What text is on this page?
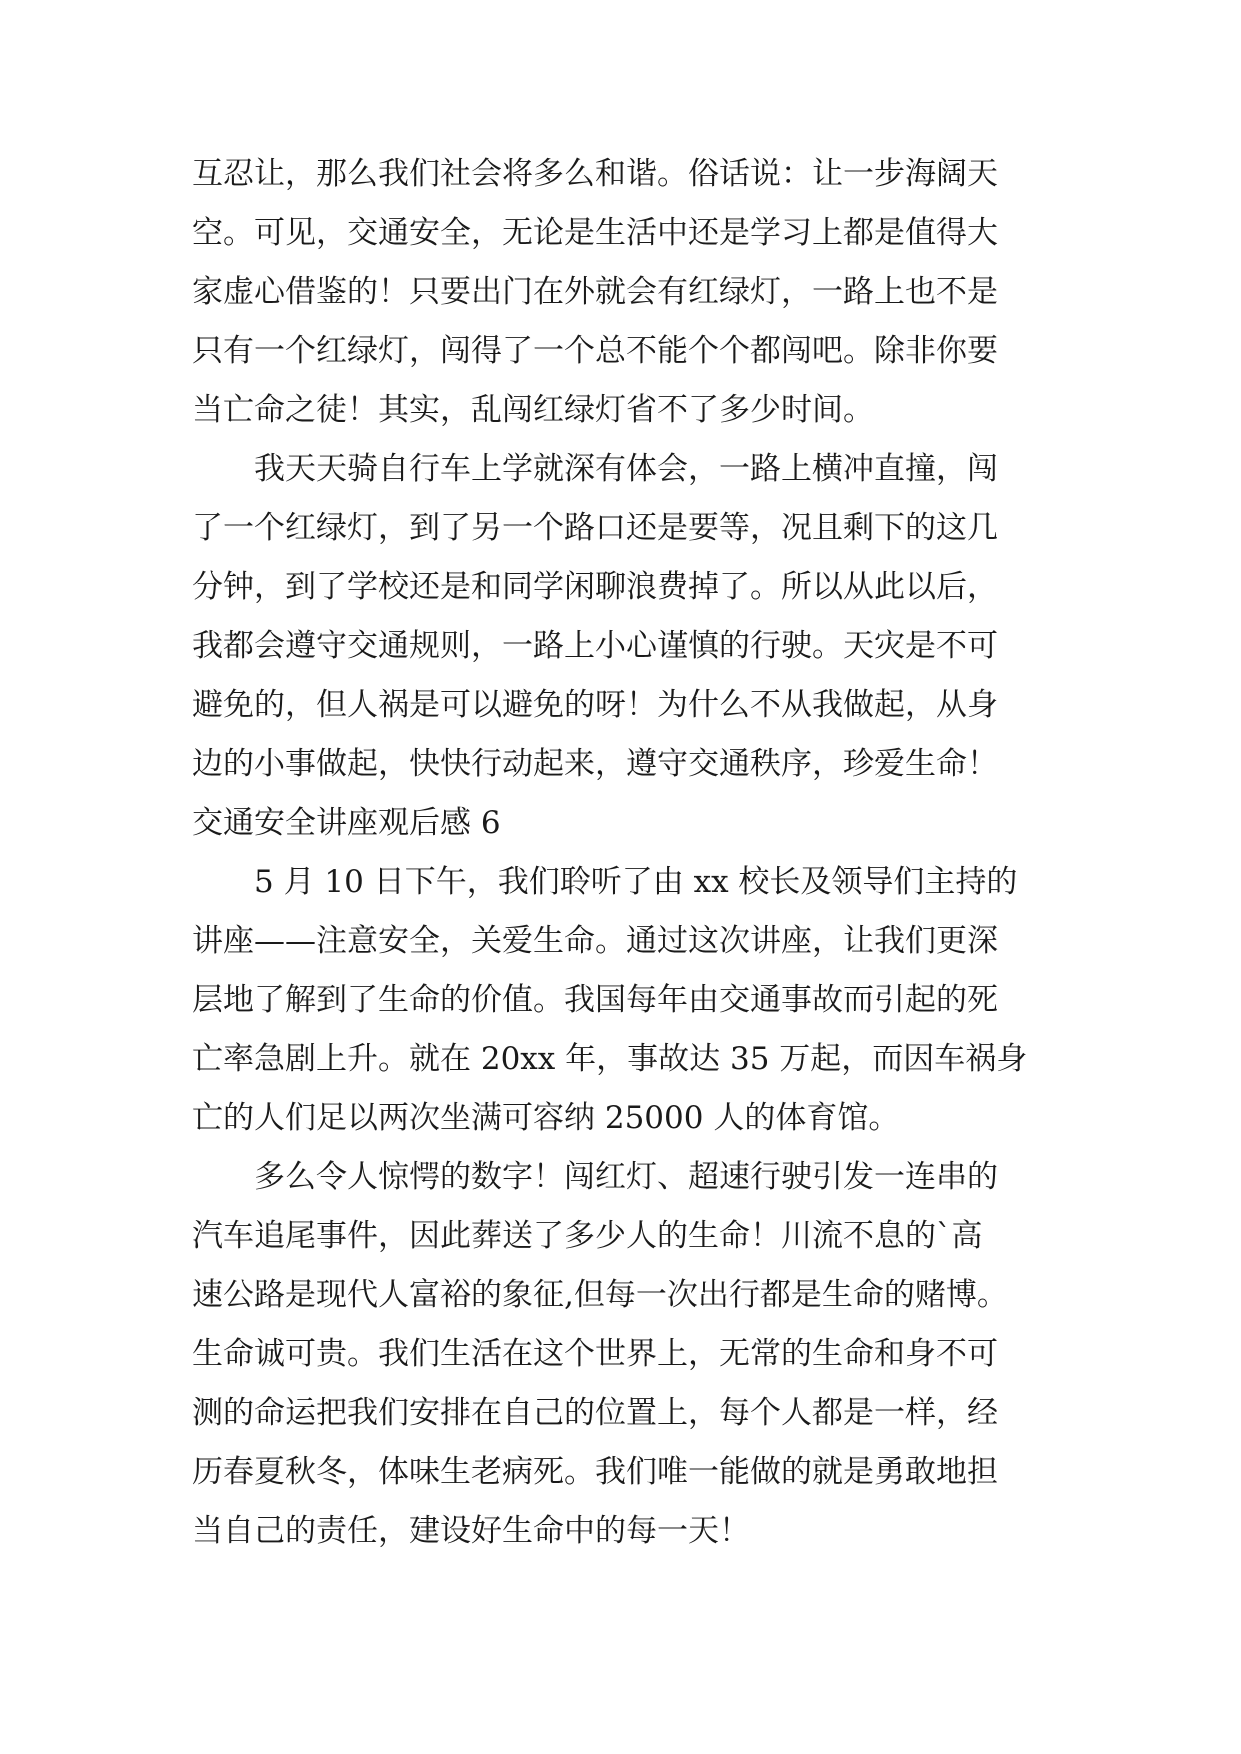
互忍让，那么我们社会将多么和谐。俗话说：让一步海阔天
空。可见，交通安全，无论是生活中还是学习上都是值得大
家虚心借鉴的！只要出门在外就会有红绿灯，一路上也不是
只有一个红绿灯，闯得了一个总不能个个都闯吧。除非你要
当亡命之徒！其实，乱闯红绿灯省不了多少时间。
我天天骑自行车上学就深有体会，一路上横冲直撞，闯
了一个红绿灯，到了另一个路口还是要等，况且剩下的这几
分钟，到了学校还是和同学闲聊浪费掉了。所以从此以后，
我都会遵守交通规则，一路上小心谨慎的行驶。天灾是不可
避免的，但人祸是可以避免的呀！为什么不从我做起，从身
边的小事做起，快快行动起来，遵守交通秩序，珍爱生命！
交通安全讲座观后感 6
5 月 10 日下午，我们聆听了由 xx 校长及领导们主持的
讲座——注意安全，关爱生命。通过这次讲座，让我们更深
层地了解到了生命的价值。我国每年由交通事故而引起的死
亡率急剧上升。就在 20xx 年，事故达 35 万起，而因车祸身
亡的人们足以两次坐满可容纳 25000 人的体育馆。
多么令人惊愕的数字！闯红灯、超速行驶引发一连串的
汽车追尾事件，因此葬送了多少人的生命！川流不息的`高
速公路是现代人富裕的象征,但每一次出行都是生命的赌博。
生命诚可贵。我们生活在这个世界上，无常的生命和身不可
测的命运把我们安排在自己的位置上，每个人都是一样，经
历春夏秋冬，体味生老病死。我们唯一能做的就是勇敢地担
当自己的责任，建设好生命中的每一天！
